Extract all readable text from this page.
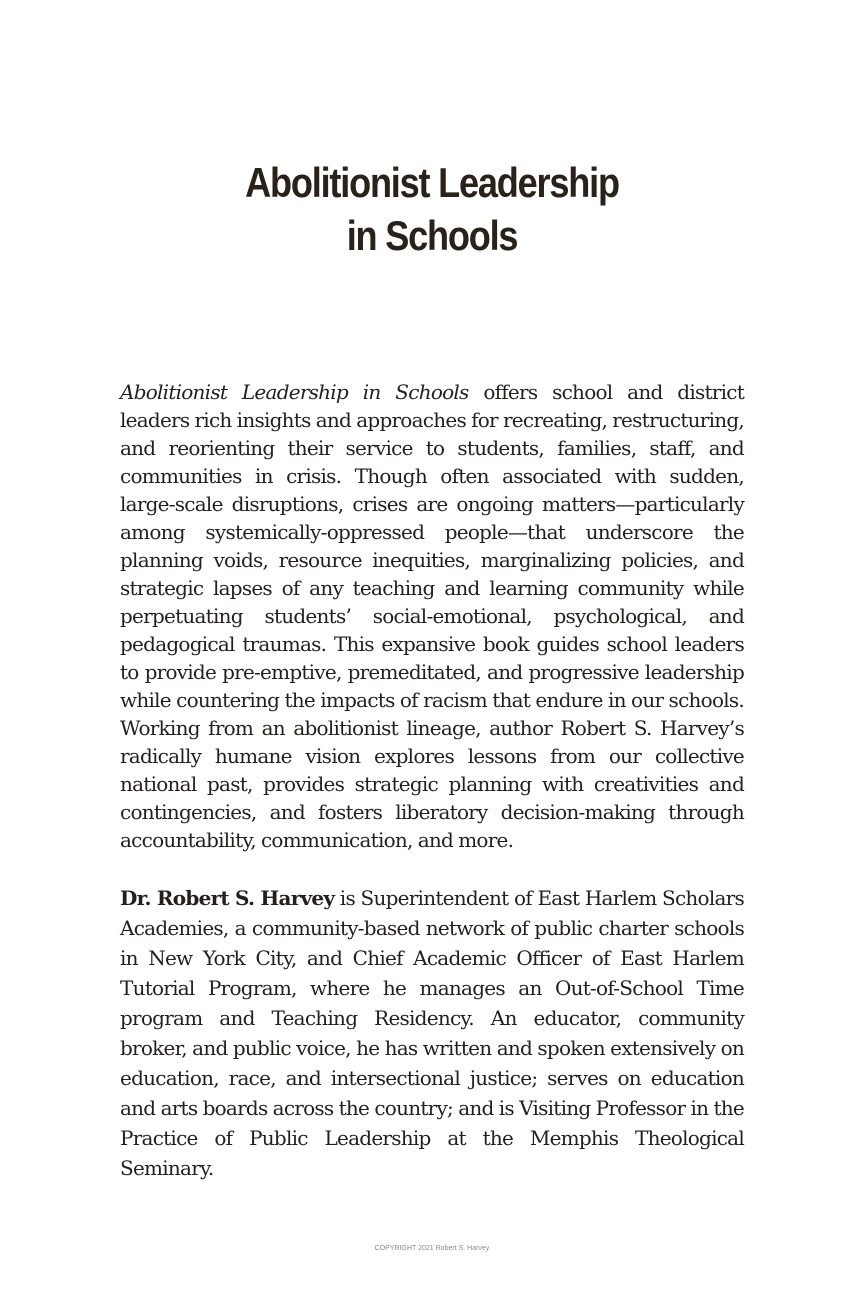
Abolitionist Leadership
in Schools

Abolitionist Leadership in Schools offers school and district leaders rich insights and approaches for recreating, restructuring, and reorienting their service to students, families, staff, and communities in crisis. Though often associated with sudden, large-scale disruptions, crises are ongoing matters—particularly among systemically-oppressed people—that underscore the planning voids, resource inequities, marginalizing policies, and strategic lapses of any teaching and learning community while perpetuating students’ social-emotional, psychological, and pedagogical traumas. This expansive book guides school leaders to provide pre-emptive, premeditated, and progressive leadership while countering the impacts of racism that endure in our schools. Working from an abolitionist lineage, author Robert S. Harvey’s radically humane vision explores lessons from our collective national past, provides strategic planning with creativities and contingencies, and fosters liberatory decision-making through accountability, communication, and more.

Dr. Robert S. Harvey is Superintendent of East Harlem Scholars Academies, a community-based network of public charter schools in New York City, and Chief Academic Officer of East Harlem Tutorial Program, where he manages an Out-of-School Time program and Teaching Residency. An educator, community broker, and public voice, he has written and spoken extensively on education, race, and intersectional justice; serves on education and arts boards across the country; and is Visiting Professor in the Practice of Public Leadership at the Memphis Theological Seminary.

COPYRIGHT 2021 Robert S. Harvey
